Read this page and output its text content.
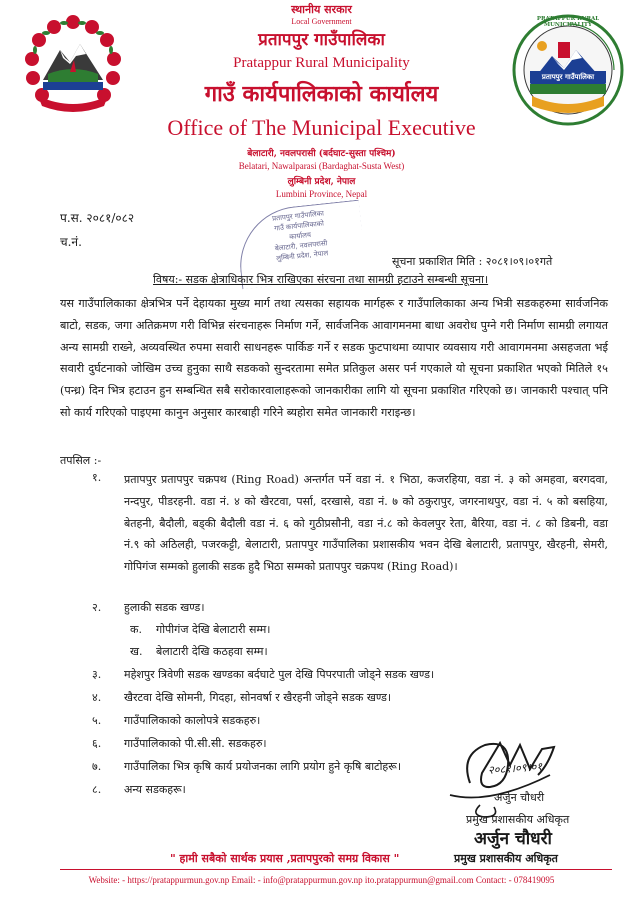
प्रतापपुर गाउँपालिका
PRATAPPUR RURAL MUNICIPALITY
स्थानीय सरकार
Local Government
प्रतापपुर गाउँपालिका
Pratappur Rural Municipality
गाउँ कार्यपालिकाको कार्यालय
Office of The Municipal Executive
बेलाटारी, नवलपरासी (बर्दघाट-सुस्ता पश्चिम)
Belatari, Nawalparasi (Bardaghat-Susta West)
लुम्बिनी प्रदेश, नेपाल
Lumbini Province, Nepal
प.स. २०८१/०८२
च.नं.
प्रतापपुर गाउँपालिका
गाउँ कार्यपालिकाको
कार्यालय
बेलाटारी, नवलपरासी
लुम्बिनी प्रदेश, नेपाल	सूचना प्रकाशित मिति : २०८१।०९।०१गते
विषय:- सडक क्षेत्राधिकार भित्र राखिएका संरचना तथा सामग्री हटाउने सम्बन्धी सूचना।
यस गाउँपालिकाका क्षेत्रभित्र पर्ने देहायका मुख्य मार्ग तथा त्यसका सहायक मार्गहरू र गाउँपालिकाका अन्य भित्री सडकहरुमा सार्वजनिक बाटो, सडक, जगा अतिक्रमण गरी विभिन्न संरचनाहरू निर्माण गर्ने, सार्वजनिक आवागमनमा बाधा अवरोध पुग्ने गरी निर्माण सामग्री लगायत अन्य सामग्री राख्ने, अव्यवस्थित रुपमा सवारी साधनहरू पार्किङ गर्ने र सडक फुटपाथमा व्यापार व्यवसाय गरी आवागमनमा असहजता भई सवारी दुर्घटनाको जोखिम उच्च हुनुका साथै सडकको सुन्दरतामा समेत प्रतिकुल असर पर्न गएकाले यो सूचना प्रकाशित भएको मितिले १५ (पन्ध्र) दिन भित्र हटाउन हुन सम्बन्धित सबै सरोकारवालाहरूको जानकारीका लागि यो सूचना प्रकाशित गरिएको छ। जानकारी पश्चात् पनि सो कार्य गरिएको पाइएमा कानुन अनुसार कारबाही गरिने ब्यहोरा समेत जानकारी गराइन्छ।
तपसिल :-
१. प्रतापपुर प्रतापपुर चक्रपथ (Ring Road) अन्तर्गत पर्ने वडा नं. १ भिठा, कजरहिया, वडा नं. ३ को अमहवा, बरगदवा, नन्दपुर, पीडरहनी. वडा नं. ४ को खैरटवा, पर्सा, दरखासे, वडा नं. ७ को ठकुरापुर, जगरनाथपुर, वडा नं. ५ को बसहिया, बेतहनी, बैदौली, बड्की बैदौली वडा नं. ६ को गुठीप्रसौनी, वडा नं.८ को केवलपुर रेता, बैरिया, वडा नं. ८ को डिबनी, वडा नं.९ को अठिलही, पजरकट्टी, बेलाटारी, प्रतापपुर गाउँपालिका प्रशासकीय भवन देखि बेलाटारी, प्रतापपुर, खैरहनी, सेमरी, गोपिगंज सम्मको हुलाकी सडक हुदै भिठा सम्मको प्रतापपुर चक्रपथ (Ring Road)।
२. हुलाकी सडक खण्ड।
क. गोपीगंज देखि बेलाटारी सम्म।
ख. बेलाटारी देखि कठहवा सम्म।
३. महेशपुर त्रिवेणी सडक खण्डका बर्दघाटे पुल देखि पिपरपाती जोड्ने सडक खण्ड।
४. खैरटवा देखि सोमनी, गिदहा, सोनवर्षा र खैरहनी जोड्ने सडक खण्ड।
५. गाउँपालिकाको कालोपत्रे सडकहरु।
६. गाउँपालिकाको पी.सी.सी. सडकहरु।
७. गाउँपालिका भित्र कृषि कार्य प्रयोजनका लागि प्रयोग हुने कृषि बाटोहरू।
८. अन्य सडकहरू।
२०८१।०९।०१
अर्जुन चौधरी
प्रमुख प्रशासकीय अधिकृत
अर्जुन चौधरी
" हामी सबैको सार्थक प्रयास ,प्रतापपुरको समग्र विकास "	प्रमुख प्रशासकीय अधिकृत
Website: - https://pratappurmun.gov.np Email: - info@pratappurmun.gov.np ito.pratappurmun@gmail.com Contact: - 078419095
